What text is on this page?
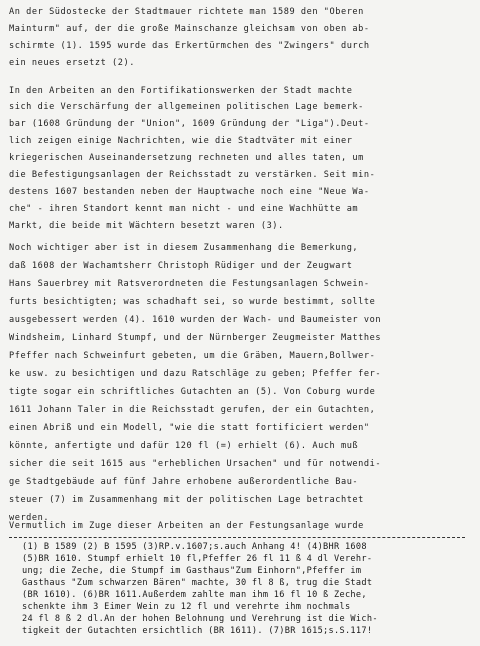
An der Südostecke der Stadtmauer richtete man 1589 den "Oberen
Mainturm" auf, der die große Mainschanze gleichsam von oben ab-
schirmte (1). 1595 wurde das Erkertürmchen des "Zwingers" durch
ein neues ersetzt (2).
In den Arbeiten an den Fortifikationswerken der Stadt machte
sich die Verschärfung der allgemeinen politischen Lage bemerk-
bar (1608 Gründung der "Union", 1609 Gründung der "Liga").Deut-
lich zeigen einige Nachrichten, wie die Stadtväter mit einer
kriegerischen Auseinandersetzung rechneten und alles taten, um
die Befestigungsanlagen der Reichsstadt zu verstärken. Seit min-
destens 1607 bestanden neben der Hauptwache noch eine "Neue Wa-
che" - ihren Standort kennt man nicht - und eine Wachhütte am
Markt, die beide mit Wächtern besetzt waren (3).
Noch wichtiger aber ist in diesem Zusammenhang die Bemerkung,
daß 1608 der Wachamtsherr Christoph Rüdiger und der Zeugwart
Hans Sauerbrey mit Ratsverordneten die Festungsanlagen Schwein-
furts besichtigten; was schadhaft sei, so wurde bestimmt, sollte
ausgebessert werden (4). 1610 wurden der Wach- und Baumeister von
Windsheim, Linhard Stumpf, und der Nürnberger Zeugmeister Matthes
Pfeffer nach Schweinfurt gebeten, um die Gräben, Mauern,Bollwer-
ke usw. zu besichtigen und dazu Ratschläge zu geben; Pfeffer fer-
tigte sogar ein schriftliches Gutachten an (5). Von Coburg wurde
1611 Johann Taler in die Reichsstadt gerufen, der ein Gutachten,
einen Abriß und ein Modell, "wie die statt fortificiert werden"
könnte, anfertigte und dafür 120 fl (=) erhielt (6). Auch muß
sicher die seit 1615 aus "erheblichen Ursachen" und für notwendi-
ge Stadtgebäude auf fünf Jahre erhobene außerordentliche Bau-
steuer (7) im Zusammenhang mit der politischen Lage betrachtet
werden.
Vermutlich im Zuge dieser Arbeiten an der Festungsanlage wurde
(1) B 1589 (2) B 1595 (3)RP.v.1607;s.auch Anhang 4! (4)BHR 1608
(5)BR 1610. Stumpf erhielt 10 fl,Pfeffer 26 fl 11 ß 4 dl Verehr-
ung; die Zeche, die Stumpf im Gasthaus"Zum Einhorn",Pfeffer im
Gasthaus "Zum schwarzen Bären" machte, 30 fl 8 ß, trug die Stadt
(BR 1610). (6)BR 1611.Außerdem zahlte man ihm 16 fl 10 ß Zeche,
schenkte ihm 3 Eimer Wein zu 12 fl und verehrte ihm nochmals
24 fl 8 ß 2 dl.An der hohen Belohnung und Verehrung ist die Wich-
tigkeit der Gutachten ersichtlich (BR 1611). (7)BR 1615;s.S.117!
